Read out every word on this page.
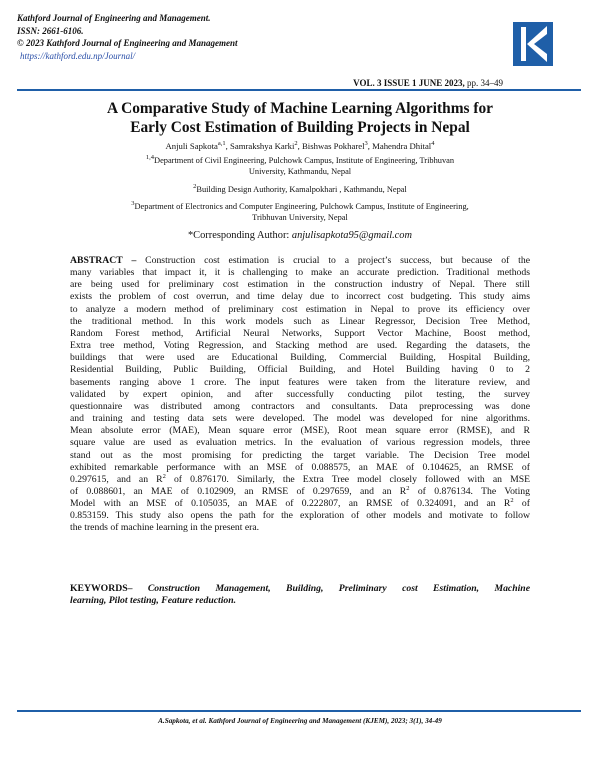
Kathford Journal of Engineering and Management.
ISSN: 2661-6106.
© 2023 Kathford Journal of Engineering and Management
https://kathford.edu.np/Journal/
VOL. 3 ISSUE 1 JUNE 2023, pp. 34–49
A Comparative Study of Machine Learning Algorithms for
Early Cost Estimation of Building Projects in Nepal
Anjuli Sapkota$^{a,1}$, Samrakshya Karki$^2$, Bishwas Pokharel$^3$, Mahendra Dhital$^4$
$^{1,4}$Department of Civil Engineering, Pulchowk Campus, Institute of Engineering, Tribhuvan
University, Kathmandu, Nepal
$^2$Building Design Authority, Kamalpokhari , Kathmandu, Nepal
$^3$Department of Electronics and Computer Engineering, Pulchowk Campus, Institute of Engineering,
Tribhuvan University, Nepal
*Corresponding Author: anjulisapkota95@gmail.com
ABSTRACT – Construction cost estimation is crucial to a project’s success, but because of the
many variables that impact it, it is challenging to make an accurate prediction. Traditional methods
are being used for preliminary cost estimation in the construction industry of Nepal. There still
exists the problem of cost overrun, and time delay due to incorrect cost budgeting. This study aims
to analyze a modern method of preliminary cost estimation in Nepal to prove its efficiency over
the traditional method. In this work models such as Linear Regressor, Decision Tree Method,
Random Forest method, Artificial Neural Networks, Support Vector Machine, Boost method,
Extra tree method, Voting Regression, and Stacking method are used. Regarding the datasets, the
buildings that were used are Educational Building, Commercial Building, Hospital Building,
Residential Building, Public Building, Official Building, and Hotel Building having 0 to 2
basements ranging above 1 crore. The input features were taken from the literature review, and
validated by expert opinion, and after successfully conducting pilot testing, the survey
questionnaire was distributed among contractors and consultants. Data preprocessing was done
and training and testing data sets were developed. The model was developed for nine algorithms.
Mean absolute error (MAE), Mean square error (MSE), Root mean square error (RMSE), and R
square value are used as evaluation metrics. In the evaluation of various regression models, three
stand out as the most promising for predicting the target variable. The Decision Tree model
exhibited remarkable performance with an MSE of 0.088575, an MAE of 0.104625, an RMSE of
0.297615, and an $R^2$ of 0.876170. Similarly, the Extra Tree model closely followed with an MSE
of 0.088601, an MAE of 0.102909, an RMSE of 0.297659, and an $R^2$ of 0.876134. The Voting
Model with an MSE of 0.105035, an MAE of 0.222807, an RMSE of 0.324091, and an $R^2$ of
0.853159. This study also opens the path for the exploration of other models and motivate to follow
the trends of machine learning in the present era.
KEYWORDS– Construction Management, Building, Preliminary cost Estimation, Machine
learning, Pilot testing, Feature reduction.
A.Sapkota, et al. Kathford Journal of Engineering and Management (KJEM), 2023; 3(1), 34-49
